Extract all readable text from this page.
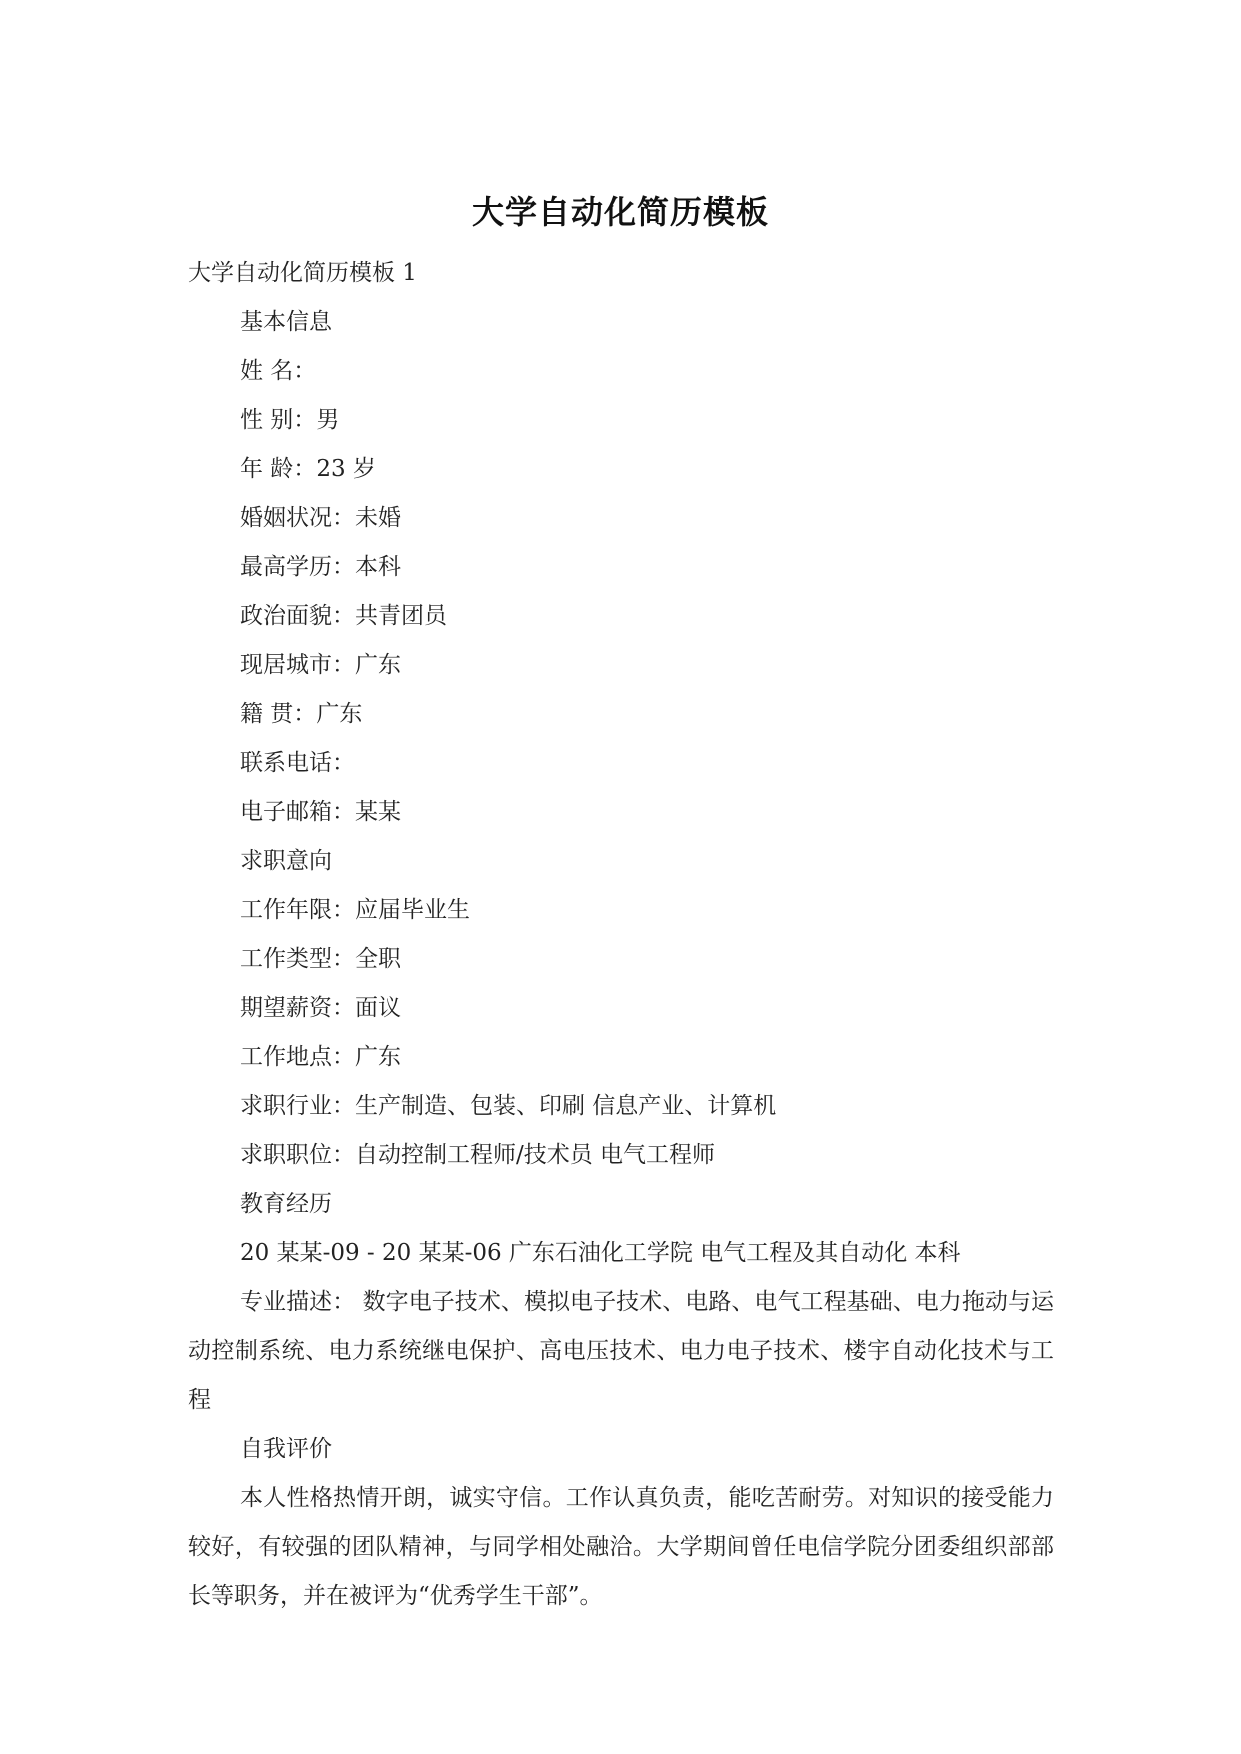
大学自动化简历模板

大学自动化简历模板 1

基本信息

姓 名：

性 别：男

年 龄：23 岁

婚姻状况：未婚

最高学历：本科

政治面貌：共青团员

现居城市：广东

籍 贯：广东

联系电话：

电子邮箱：某某

求职意向

工作年限：应届毕业生

工作类型：全职

期望薪资：面议

工作地点：广东

求职行业：生产制造、包装、印刷 信息产业、计算机

求职职位：自动控制工程师/技术员 电气工程师

教育经历

20 某某-09 - 20 某某-06 广东石油化工学院 电气工程及其自动化 本科

专业描述： 数字电子技术、模拟电子技术、电路、电气工程基础、电力拖动与运动控制系统、电力系统继电保护、高电压技术、电力电子技术、楼宇自动化技术与工程

自我评价

本人性格热情开朗，诚实守信。工作认真负责，能吃苦耐劳。对知识的接受能力较好，有较强的团队精神，与同学相处融洽。大学期间曾任电信学院分团委组织部部长等职务，并在被评为“优秀学生干部”。
